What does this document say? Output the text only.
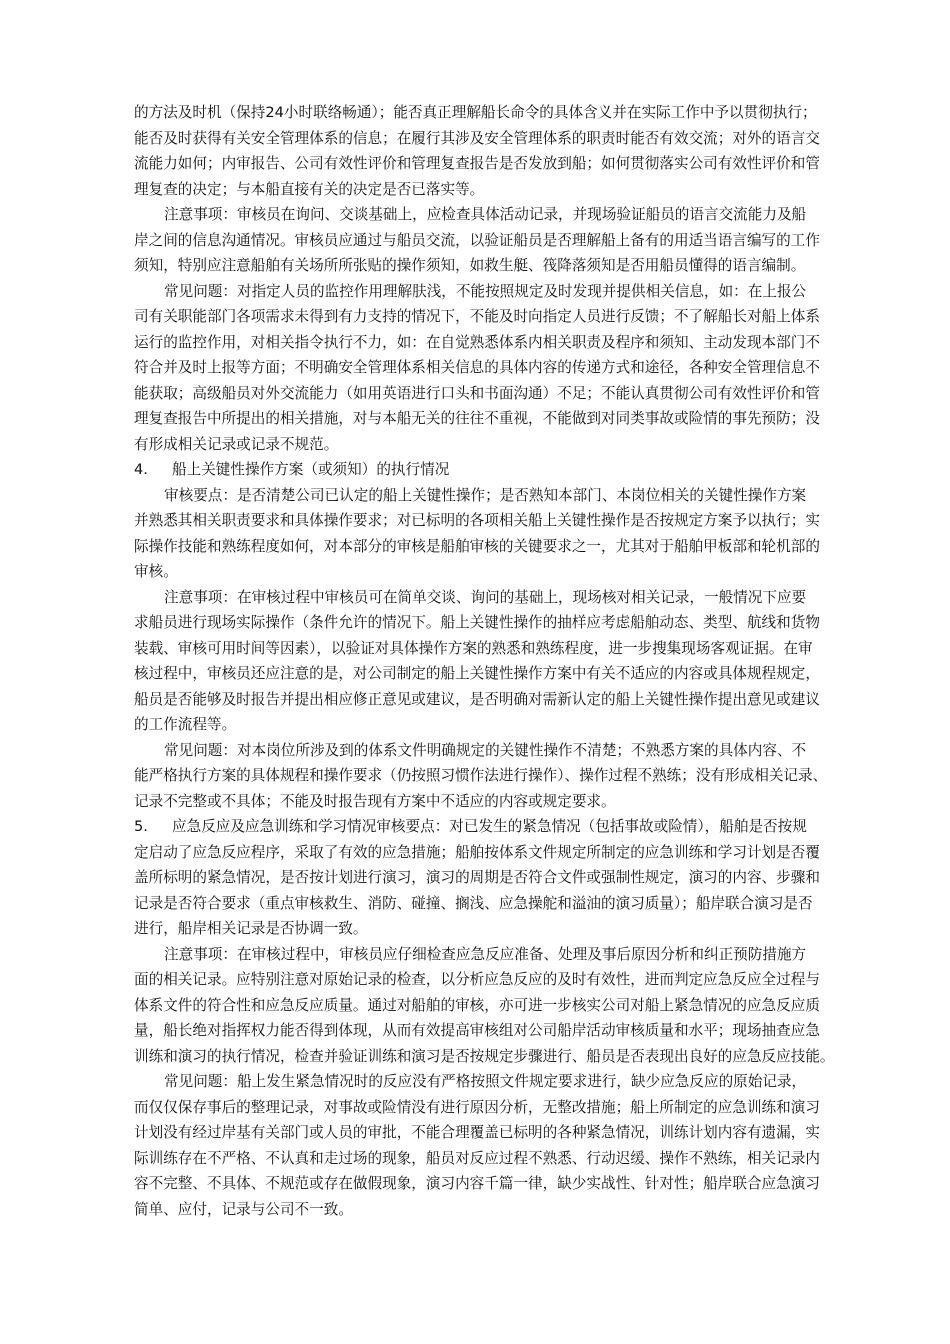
的方法及时机（保持24小时联络畅通）；能否真正理解船长命令的具体含义并在实际工作中予以贯彻执行；
能否及时获得有关安全管理体系的信息；在履行其涉及安全管理体系的职责时能否有效交流；对外的语言交
流能力如何；内审报告、公司有效性评价和管理复查报告是否发放到船；如何贯彻落实公司有效性评价和管
理复查的决定；与本船直接有关的决定是否已落实等。
注意事项：审核员在询问、交谈基础上，应检查具体活动记录，并现场验证船员的语言交流能力及船
岸之间的信息沟通情况。审核员应通过与船员交流，以验证船员是否理解船上备有的用适当语言编写的工作
须知，特别应注意船舶有关场所所张贴的操作须知，如救生艇、筏降落须知是否用船员懂得的语言编制。
常见问题：对指定人员的监控作用理解肤浅，不能按照规定及时发现并提供相关信息，如：在上报公
司有关职能部门各项需求未得到有力支持的情况下，不能及时向指定人员进行反馈；不了解船长对船上体系
运行的监控作用，对相关指令执行不力，如：在自觉熟悉体系内相关职责及程序和须知、主动发现本部门不
符合并及时上报等方面；不明确安全管理体系相关信息的具体内容的传递方式和途径，各种安全管理信息不
能获取；高级船员对外交流能力（如用英语进行口头和书面沟通）不足；不能认真贯彻公司有效性评价和管
理复查报告中所提出的相关措施，对与本船无关的往往不重视，不能做到对同类事故或险情的事先预防；没
有形成相关记录或记录不规范。
4. 船上关键性操作方案（或须知）的执行情况
审核要点：是否清楚公司已认定的船上关键性操作；是否熟知本部门、本岗位相关的关键性操作方案
并熟悉其相关职责要求和具体操作要求；对已标明的各项相关船上关键性操作是否按规定方案予以执行；实
际操作技能和熟练程度如何，对本部分的审核是船舶审核的关键要求之一，尤其对于船舶甲板部和轮机部的
审核。
注意事项：在审核过程中审核员可在简单交谈、询问的基础上，现场核对相关记录，一般情况下应要
求船员进行现场实际操作（条件允许的情况下。船上关键性操作的抽样应考虑船舶动态、类型、航线和货物
装载、审核可用时间等因素），以验证对具体操作方案的熟悉和熟练程度，进一步搜集现场客观证据。在审
核过程中，审核员还应注意的是，对公司制定的船上关键性操作方案中有关不适应的内容或具体规程规定，
船员是否能够及时报告并提出相应修正意见或建议，是否明确对需新认定的船上关键性操作提出意见或建议
的工作流程等。
常见问题：对本岗位所涉及到的体系文件明确规定的关键性操作不清楚；不熟悉方案的具体内容、不
能严格执行方案的具体规程和操作要求（仍按照习惯作法进行操作）、操作过程不熟练；没有形成相关记录、
记录不完整或不具体；不能及时报告现有方案中不适应的内容或规定要求。
5. 应急反应及应急训练和学习情况审核要点：对已发生的紧急情况（包括事故或险情），船舶是否按规
定启动了应急反应程序，采取了有效的应急措施；船舶按体系文件规定所制定的应急训练和学习计划是否覆
盖所标明的紧急情况，是否按计划进行演习，演习的周期是否符合文件或强制性规定，演习的内容、步骤和
记录是否符合要求（重点审核救生、消防、碰撞、搁浅、应急操舵和溢油的演习质量）；船岸联合演习是否
进行，船岸相关记录是否协调一致。
注意事项：在审核过程中，审核员应仔细检查应急反应准备、处理及事后原因分析和纠正预防措施方
面的相关记录。应特别注意对原始记录的检查，以分析应急反应的及时有效性，进而判定应急反应全过程与
体系文件的符合性和应急反应质量。通过对船舶的审核，亦可进一步核实公司对船上紧急情况的应急反应质
量，船长绝对指挥权力能否得到体现，从而有效提高审核组对公司船岸活动审核质量和水平；现场抽查应急
训练和演习的执行情况，检查并验证训练和演习是否按规定步骤进行、船员是否表现出良好的应急反应技能。
常见问题：船上发生紧急情况时的反应没有严格按照文件规定要求进行，缺少应急反应的原始记录，
而仅仅保存事后的整理记录，对事故或险情没有进行原因分析，无整改措施；船上所制定的应急训练和演习
计划没有经过岸基有关部门或人员的审批，不能合理覆盖已标明的各种紧急情况，训练计划内容有遗漏，实
际训练存在不严格、不认真和走过场的现象，船员对反应过程不熟悉、行动迟缓、操作不熟练，相关记录内
容不完整、不具体、不规范或存在做假现象，演习内容千篇一律，缺少实战性、针对性；船岸联合应急演习
简单、应付，记录与公司不一致。
